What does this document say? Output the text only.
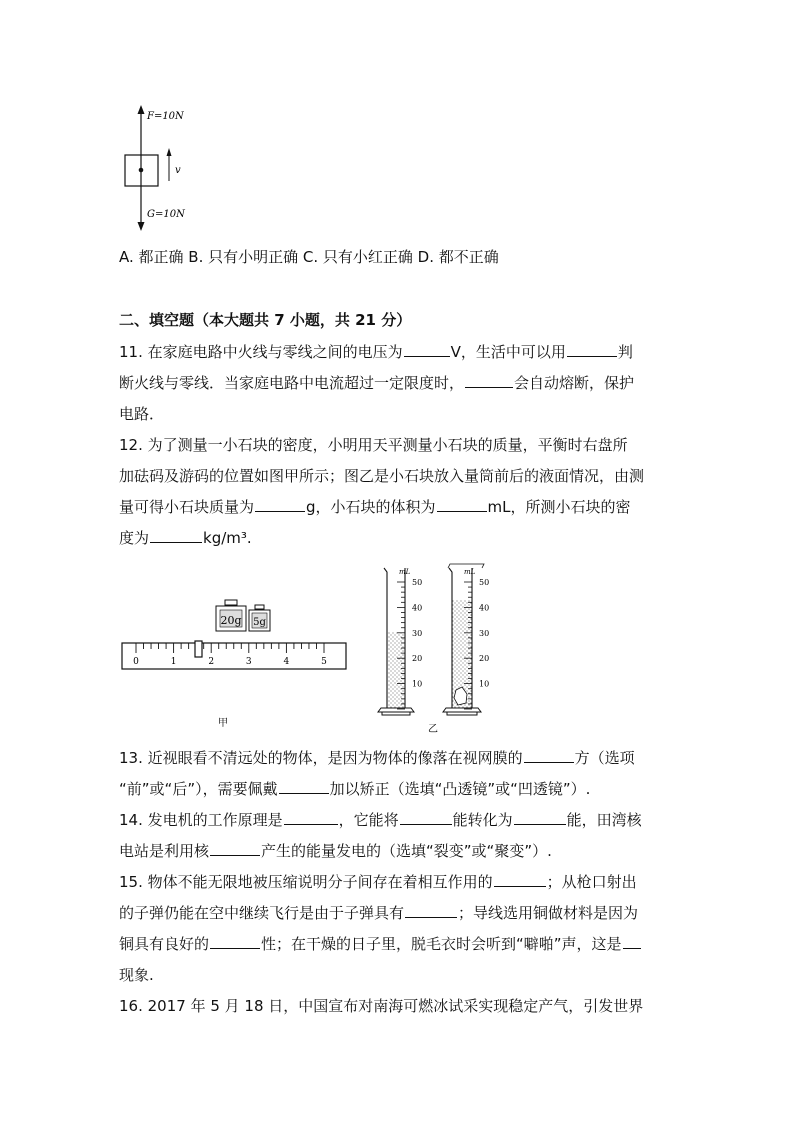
F=10N
v
G=10N
A. 都正确 B. 只有小明正确 C. 只有小红正确 D. 都不正确
二、填空题（本大题共 7 小题，共 21 分）
11. 在家庭电路中火线与零线之间的电压为	V，生活中可以用	判
断火线与零线．当家庭电路中电流超过一定限度时，	会自动熔断，保护
电路．
12. 为了测量一小石块的密度，小明用天平测量小石块的质量，平衡时右盘所
加砝码及游码的位置如图甲所示；图乙是小石块放入量筒前后的液面情况，由测
量可得小石块质量为	g，小石块的体积为	mL，所测小石块的密
度为	kg/m³.
20g 5g
0	1	2	3	4	5
甲
50
40
30
20
10
mL
50
40
30
20
10
mL
乙
13. 近视眼看不清远处的物体，是因为物体的像落在视网膜的	方（选项
“前”或“后”），需要佩戴	加以矫正（选填“凸透镜”或“凹透镜”）.
14. 发电机的工作原理是	，它能将	能转化为	能，田湾核
电站是利用核	产生的能量发电的（选填“裂变”或“聚变”）.
15. 物体不能无限地被压缩说明分子间存在着相互作用的	；从枪口射出
的子弹仍能在空中继续飞行是由于子弹具有	；导线选用铜做材料是因为
铜具有良好的	性；在干燥的日子里，脱毛衣时会听到“噼啪”声，这是
现象.
16. 2017 年 5 月 18 日，中国宣布对南海可燃冰试采实现稳定产气，引发世界
